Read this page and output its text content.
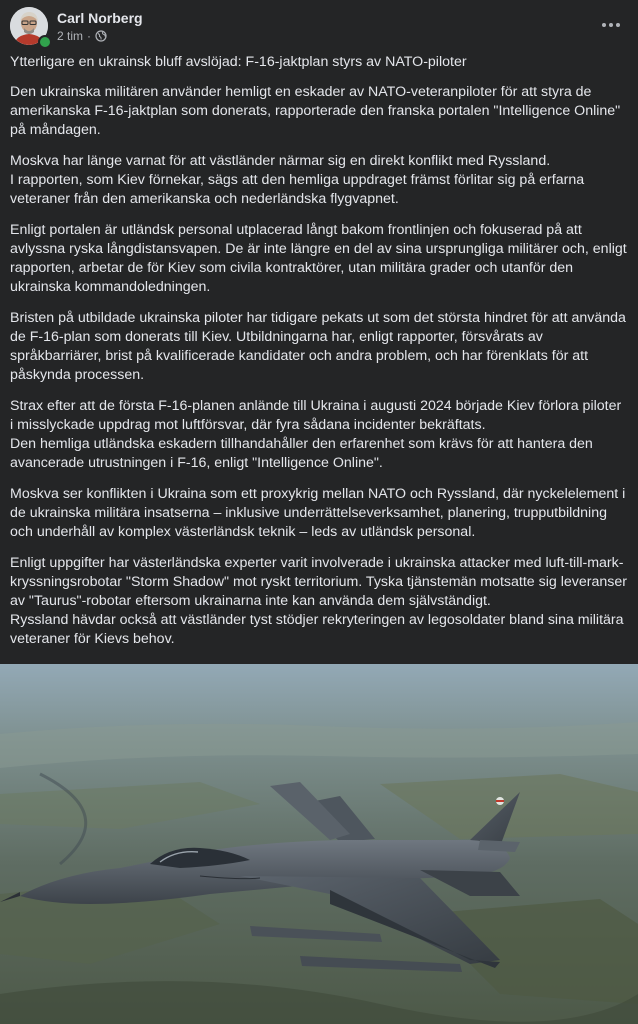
Carl Norberg
2 tim ·

Ytterligare en ukrainsk bluff avslöjad: F-16-jaktplan styrs av NATO-piloter

Den ukrainska militären använder hemligt en eskader av NATO-veteranpiloter för att styra de amerikanska F-16-jaktplan som donerats, rapporterade den franska portalen "Intelligence Online" på måndagen.

Moskva har länge varnat för att västländer närmar sig en direkt konflikt med Ryssland.
I rapporten, som Kiev förnekar, sägs att den hemliga uppdraget främst förlitar sig på erfarna veteraner från den amerikanska och nederländska flygvapnet.

Enligt portalen är utländsk personal utplacerad långt bakom frontlinjen och fokuserad på att avlyssna ryska långdistansvapen. De är inte längre en del av sina ursprungliga militärer och, enligt rapporten, arbetar de för Kiev som civila kontraktörer, utan militära grader och utanför den ukrainska kommandoledningen.

Bristen på utbildade ukrainska piloter har tidigare pekats ut som det största hindret för att använda de F-16-plan som donerats till Kiev. Utbildningarna har, enligt rapporter, försvårats av språkbarriärer, brist på kvalificerade kandidater och andra problem, och har förenklats för att påskynda processen.

Strax efter att de första F-16-planen anlände till Ukraina i augusti 2024 började Kiev förlora piloter i misslyckade uppdrag mot luftförsvar, där fyra sådana incidenter bekräftats.
Den hemliga utländska eskadern tillhandahåller den erfarenhet som krävs för att hantera den avancerade utrustningen i F-16, enligt "Intelligence Online".

Moskva ser konflikten i Ukraina som ett proxykrig mellan NATO och Ryssland, där nyckelelement i de ukrainska militära insatserna – inklusive underrättelseverksamhet, planering, trupputbildning och underhåll av komplex västerländsk teknik – leds av utländsk personal.

Enligt uppgifter har västerländska experter varit involverade i ukrainska attacker med luft-till-mark-kryssningsrobotar "Storm Shadow" mot ryskt territorium. Tyska tjänstemän motsatte sig leveranser av "Taurus"-robotar eftersom ukrainarna inte kan använda dem självständigt.
Ryssland hävdar också att västländer tyst stödjer rekryteringen av legosoldater bland sina militära veteraner för Kievs behov.
